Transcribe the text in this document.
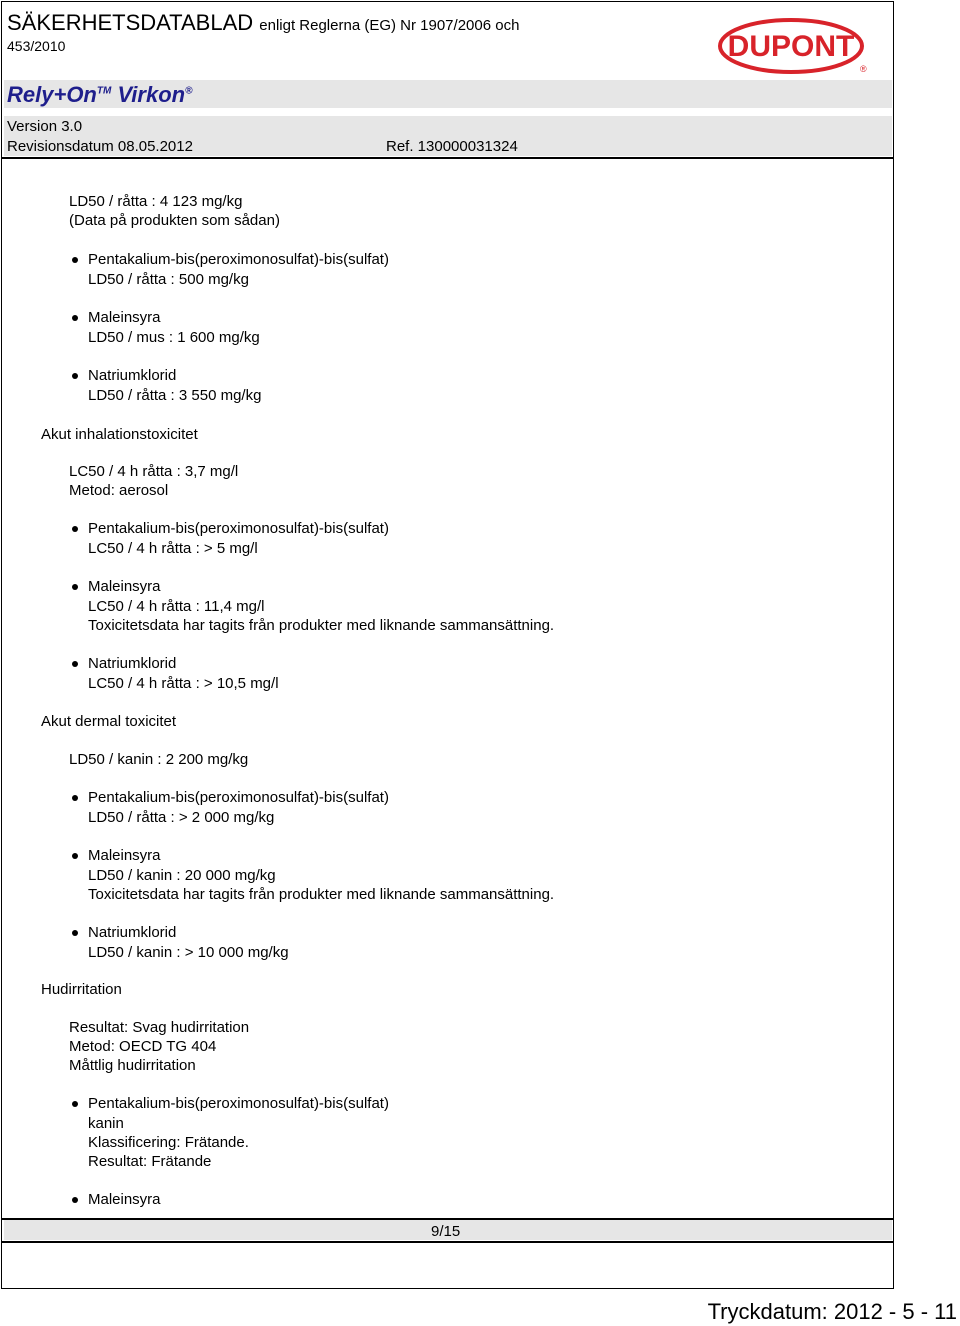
SÄKERHETSDATABLAD enligt Reglerna (EG) Nr 1907/2006 och
453/2010	DUPONT
®
Rely+On™ Virkon®
Version 3.0
Revisionsdatum 08.05.2012	Ref. 130000031324
LD50 / råtta : 4 123 mg/kg
(Data på produkten som sådan)
Pentakalium-bis(peroximonosulfat)-bis(sulfat)
LD50 / råtta : 500 mg/kg
Maleinsyra
LD50 / mus : 1 600 mg/kg
Natriumklorid
LD50 / råtta : 3 550 mg/kg
Akut inhalationstoxicitet
LC50 / 4 h råtta : 3,7 mg/l
Metod: aerosol
Pentakalium-bis(peroximonosulfat)-bis(sulfat)
LC50 / 4 h råtta : > 5 mg/l
Maleinsyra
LC50 / 4 h råtta : 11,4 mg/l
Toxicitetsdata har tagits från produkter med liknande sammansättning.
Natriumklorid
LC50 / 4 h råtta : > 10,5 mg/l
Akut dermal toxicitet
LD50 / kanin : 2 200 mg/kg
Pentakalium-bis(peroximonosulfat)-bis(sulfat)
LD50 / råtta : > 2 000 mg/kg
Maleinsyra
LD50 / kanin : 20 000 mg/kg
Toxicitetsdata har tagits från produkter med liknande sammansättning.
Natriumklorid
LD50 / kanin : > 10 000 mg/kg
Hudirritation
Resultat: Svag hudirritation
Metod: OECD TG 404
Måttlig hudirritation
Pentakalium-bis(peroximonosulfat)-bis(sulfat)
kanin
Klassificering: Frätande.
Resultat: Frätande
Maleinsyra
9/15
Tryckdatum: 2012 - 5 - 11
